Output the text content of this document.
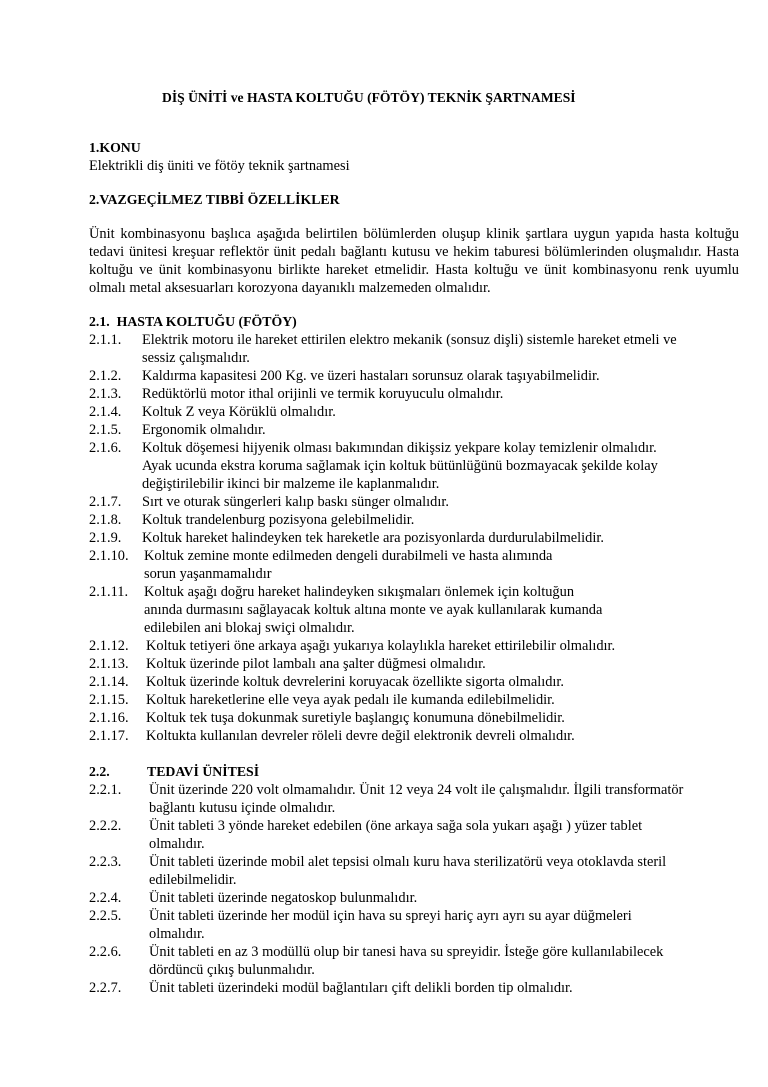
DİŞ ÜNİTİ ve HASTA KOLTUĞU (FÖTÖY) TEKNİK ŞARTNAMESİ
1.KONU
Elektrikli diş üniti ve fötöy teknik şartnamesi
2.VAZGEÇİLMEZ TIBBİ ÖZELLİKLER
Ünit kombinasyonu başlıca aşağıda belirtilen bölümlerden oluşup klinik şartlara uygun yapıda hasta koltuğu tedavi ünitesi kreşuar reflektör ünit pedalı bağlantı kutusu ve hekim taburesi bölümlerinden oluşmalıdır. Hasta koltuğu ve ünit kombinasyonu birlikte hareket etmelidir. Hasta koltuğu ve ünit kombinasyonu renk uyumlu olmalı metal aksesuarları korozyona dayanıklı malzemeden olmalıdır.
2.1.  HASTA KOLTUĞU (FÖTÖY)
2.1.1.	Elektrik motoru ile hareket ettirilen elektro mekanik (sonsuz dişli) sistemle hareket etmeli ve
sessiz çalışmalıdır.
2.1.2.	Kaldırma kapasitesi 200 Kg. ve üzeri hastaları sorunsuz olarak taşıyabilmelidir.
2.1.3.	Redüktörlü motor ithal orijinli ve termik koruyuculu olmalıdır.
2.1.4.	Koltuk Z veya Körüklü olmalıdır.
2.1.5.	Ergonomik olmalıdır.
2.1.6.	Koltuk döşemesi hijyenik olması bakımından dikişsiz yekpare kolay temizlenir olmalıdır.
Ayak ucunda ekstra koruma sağlamak için koltuk bütünlüğünü bozmayacak şekilde kolay
değiştirilebilir ikinci bir malzeme ile kaplanmalıdır.
2.1.7.	Sırt ve oturak süngerleri kalıp baskı sünger olmalıdır.
2.1.8.	Koltuk trandelenburg pozisyona gelebilmelidir.
2.1.9.	Koltuk hareket halindeyken tek hareketle ara pozisyonlarda durdurulabilmelidir.
2.1.10.	Koltuk zemine monte edilmeden dengeli durabilmeli ve hasta alımında
sorun yaşanmamalıdır
2.1.11.	Koltuk aşağı doğru hareket halindeyken sıkışmaları önlemek için koltuğun
anında durmasını sağlayacak koltuk altına monte ve ayak kullanılarak kumanda
edilebilen ani blokaj swiçi olmalıdır.
2.1.12.	Koltuk tetiyeri öne arkaya aşağı yukarıya kolaylıkla hareket ettirilebilir olmalıdır.
2.1.13.	Koltuk üzerinde pilot lambalı ana şalter düğmesi olmalıdır.
2.1.14.	Koltuk üzerinde koltuk devrelerini koruyacak özellikte sigorta olmalıdır.
2.1.15.	Koltuk hareketlerine elle veya ayak pedalı ile kumanda edilebilmelidir.
2.1.16.	Koltuk tek tuşa dokunmak suretiyle başlangıç konumuna dönebilmelidir.
2.1.17.	Koltukta kullanılan devreler röleli devre değil elektronik devreli olmalıdır.
2.2.	TEDAVİ ÜNİTESİ
2.2.1.	Ünit üzerinde 220 volt olmamalıdır. Ünit 12 veya 24 volt ile çalışmalıdır. İlgili transformatör
bağlantı kutusu içinde olmalıdır.
2.2.2.	Ünit tableti 3 yönde hareket edebilen (öne arkaya sağa sola yukarı aşağı ) yüzer tablet
olmalıdır.
2.2.3.	Ünit tableti üzerinde mobil alet tepsisi olmalı kuru hava sterilizatörü veya otoklavda steril
edilebilmelidir.
2.2.4.	Ünit tableti üzerinde negatoskop bulunmalıdır.
2.2.5.	Ünit tableti üzerinde her modül için hava su spreyi hariç ayrı ayrı su ayar düğmeleri
olmalıdır.
2.2.6.	Ünit tableti en az 3 modüllü olup bir tanesi hava su spreyidir. İsteğe göre kullanılabilecek
dördüncü çıkış bulunmalıdır.
2.2.7.	Ünit tableti üzerindeki modül bağlantıları çift delikli borden tip olmalıdır.
